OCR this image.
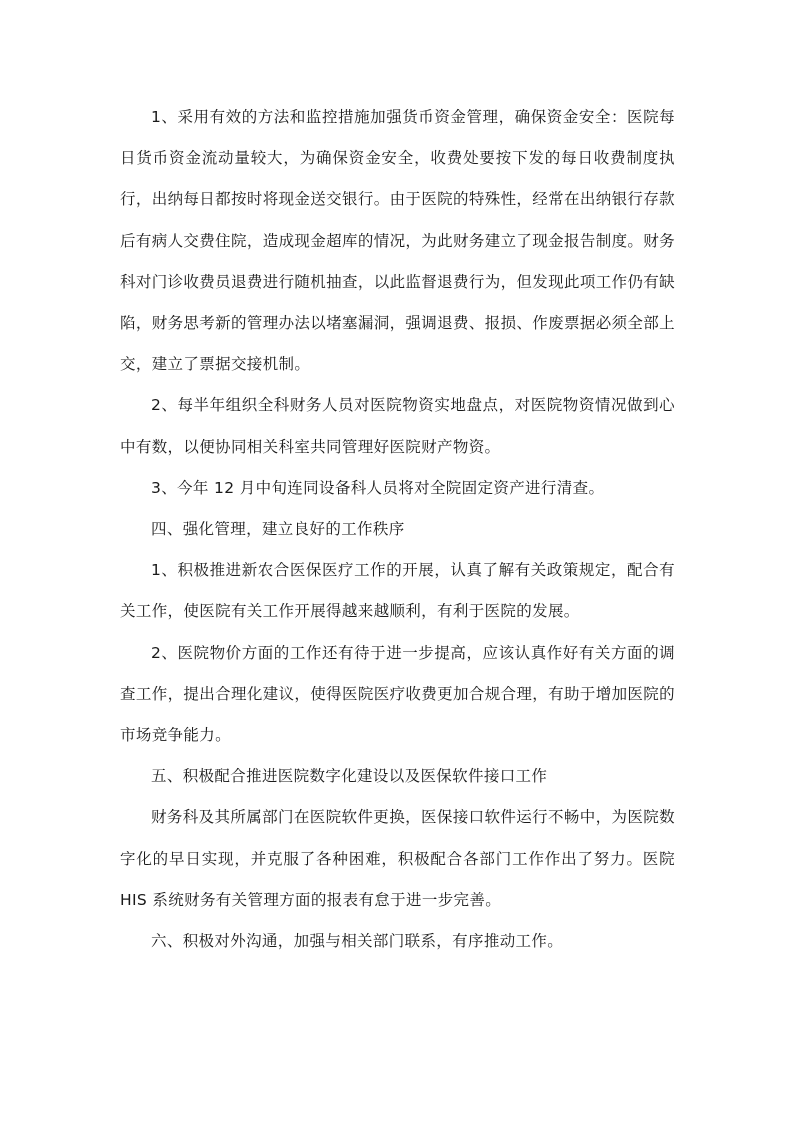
1、采用有效的方法和监控措施加强货币资金管理，确保资金安全：医院每日货币资金流动量较大，为确保资金安全，收费处要按下发的每日收费制度执行，出纳每日都按时将现金送交银行。由于医院的特殊性，经常在出纳银行存款后有病人交费住院，造成现金超库的情况，为此财务建立了现金报告制度。财务科对门诊收费员退费进行随机抽查，以此监督退费行为，但发现此项工作仍有缺陷，财务思考新的管理办法以堵塞漏洞，强调退费、报损、作废票据必须全部上交，建立了票据交接机制。

2、每半年组织全科财务人员对医院物资实地盘点，对医院物资情况做到心中有数，以便协同相关科室共同管理好医院财产物资。

3、今年 12 月中旬连同设备科人员将对全院固定资产进行清查。

四、强化管理，建立良好的工作秩序

1、积极推进新农合医保医疗工作的开展，认真了解有关政策规定，配合有关工作，使医院有关工作开展得越来越顺利，有利于医院的发展。

2、医院物价方面的工作还有待于进一步提高，应该认真作好有关方面的调查工作，提出合理化建议，使得医院医疗收费更加合规合理，有助于增加医院的市场竞争能力。

五、积极配合推进医院数字化建设以及医保软件接口工作

财务科及其所属部门在医院软件更换，医保接口软件运行不畅中，为医院数字化的早日实现，并克服了各种困难，积极配合各部门工作作出了努力。医院 HIS 系统财务有关管理方面的报表有怠于进一步完善。

六、积极对外沟通，加强与相关部门联系，有序推动工作。
